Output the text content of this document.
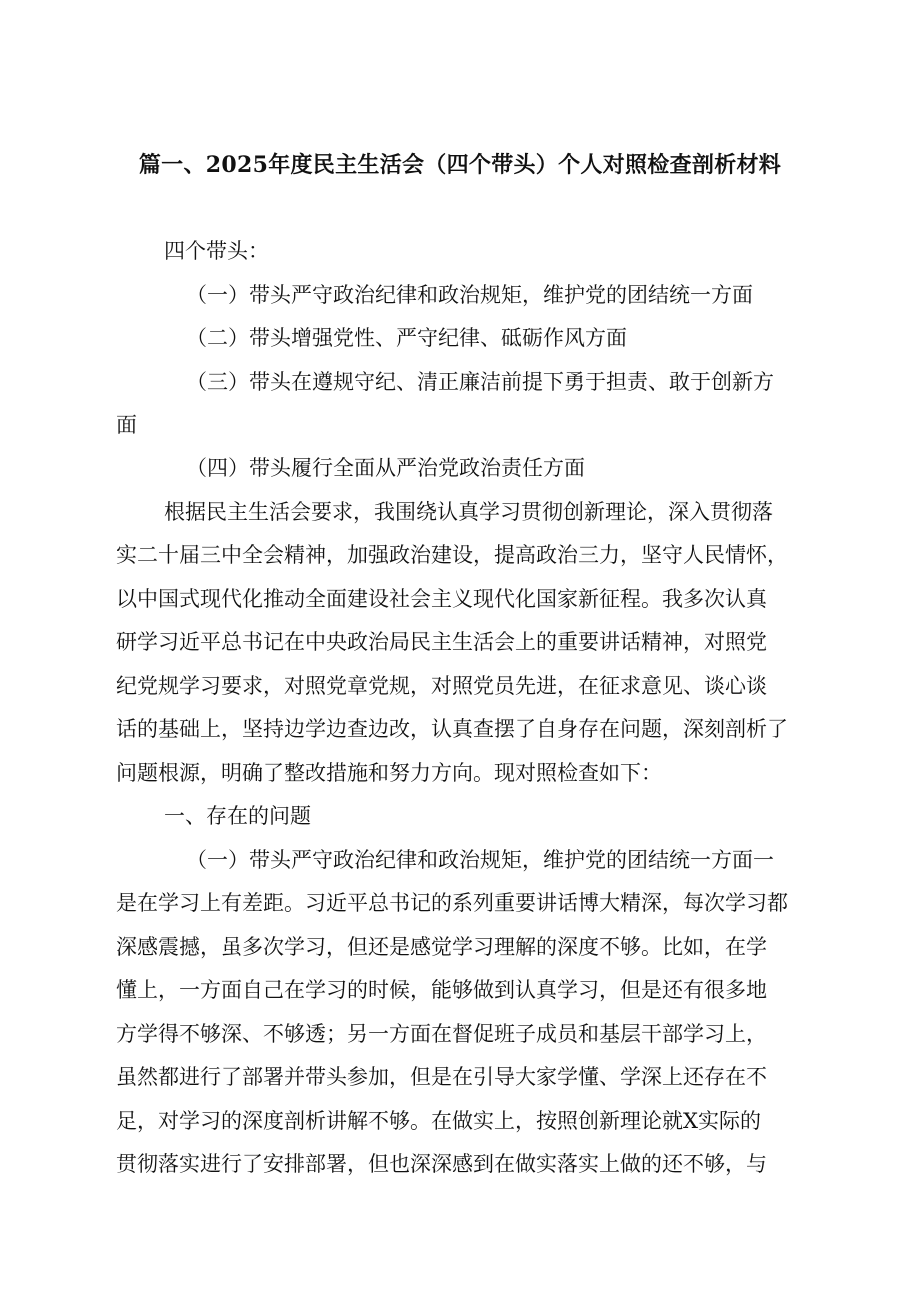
篇一、2025年度民主生活会（四个带头）个人对照检查剖析材料
四个带头：
（一）带头严守政治纪律和政治规矩，维护党的团结统一方面
（二）带头增强党性、严守纪律、砥砺作风方面
（三）带头在遵规守纪、清正廉洁前提下勇于担责、敢于创新方
面
（四）带头履行全面从严治党政治责任方面
根据民主生活会要求，我围绕认真学习贯彻创新理论，深入贯彻落
实二十届三中全会精神，加强政治建设，提高政治三力，坚守人民情怀，
以中国式现代化推动全面建设社会主义现代化国家新征程。我多次认真
研学习近平总书记在中央政治局民主生活会上的重要讲话精神，对照党
纪党规学习要求，对照党章党规，对照党员先进，在征求意见、谈心谈
话的基础上，坚持边学边查边改，认真查摆了自身存在问题，深刻剖析了
问题根源，明确了整改措施和努力方向。现对照检查如下：
一、存在的问题
（一）带头严守政治纪律和政治规矩，维护党的团结统一方面一
是在学习上有差距。习近平总书记的系列重要讲话博大精深，每次学习都
深感震撼，虽多次学习，但还是感觉学习理解的深度不够。比如，在学
懂上，一方面自己在学习的时候，能够做到认真学习，但是还有很多地
方学得不够深、不够透；另一方面在督促班子成员和基层干部学习上，
虽然都进行了部署并带头参加，但是在引导大家学懂、学深上还存在不
足，对学习的深度剖析讲解不够。在做实上，按照创新理论就X实际的
贯彻落实进行了安排部署，但也深深感到在做实落实上做的还不够，与
